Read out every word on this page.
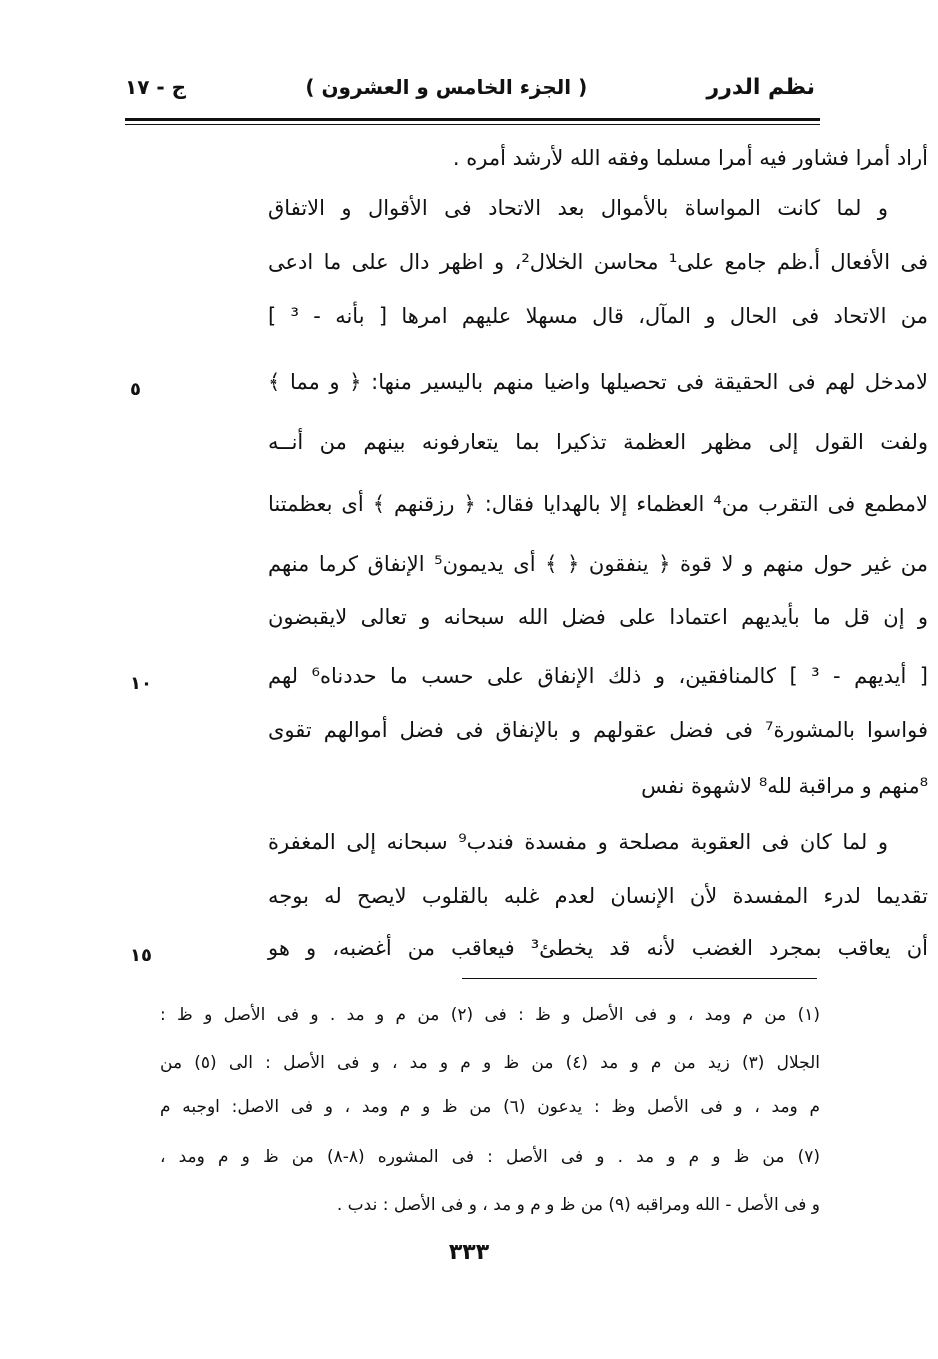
نظم الدرر
( الجزء الخامس و العشرون )
ج - ١٧
أراد أمرا فشاور فيه أمرا مسلما وفقه الله لأرشد أمره .
و لما كانت المواساة بالأموال بعد الاتحاد فى الأقوال و الاتفاق
فى الأفعال أ.ظم جامع على¹ محاسن الخلال²، و اظهر دال على ما ادعى
من الاتحاد فى الحال و المآل، قال مسهلا عليهم امرها [ بأنه - ³ ]
لامدخل لهم فى الحقيقة فى تحصيلها واضيا منهم باليسير منها: ﴿ و مما ﴾
ولفت القول إلى مظهر العظمة تذكيرا بما يتعارفونه بينهم من أنــه
لامطمع فى التقرب من⁴ العظماء إلا بالهدايا فقال: ﴿ رزقنهم ﴾ أى بعظمتنا
من غير حول منهم و لا قوة ﴿ ينفقون ﴿ ﴾ أى يديمون⁵ الإنفاق كرما منهم
و إن قل ما بأيديهم اعتمادا على فضل الله سبحانه و تعالى لايقبضون
[ أيديهم - ³ ] كالمنافقين، و ذلك الإنفاق على حسب ما حددناه⁶ لهم
فواسوا بالمشورة⁷ فى فضل عقولهم و بالإنفاق فى فضل أموالهم تقوى
⁸منهم و مراقبة لله⁸ لاشهوة نفس
و لما كان فى العقوبة مصلحة و مفسدة فندب⁹ سبحانه إلى المغفرة
تقديما لدرء المفسدة لأن الإنسان لعدم غلبه بالقلوب لايصح له بوجه
أن يعاقب بمجرد الغضب لأنه قد يخطئ³ فيعاقب من أغضبه، و هو
٥
١٠
١٥
(١) من م ومد ، و فى الأصل و ظ : فى (٢) من م و مد . و فى الأصل و ظ :
الجلال (٣) زيد من م و مد (٤) من ظ و م و مد ، و فى الأصل : الى (٥) من
م ومد ، و فى الأصل وظ : يدعون (٦) من ظ و م ومد ، و فى الاصل: اوجبه م
(٧) من ظ و م و مد . و فى الأصل : فى المشوره (٨-٨) من ظ و م ومد ،
و فى الأصل - الله ومراقبه (٩) من ظ و م و مد ، و فى الأصل : ندب .
٣٣٣
